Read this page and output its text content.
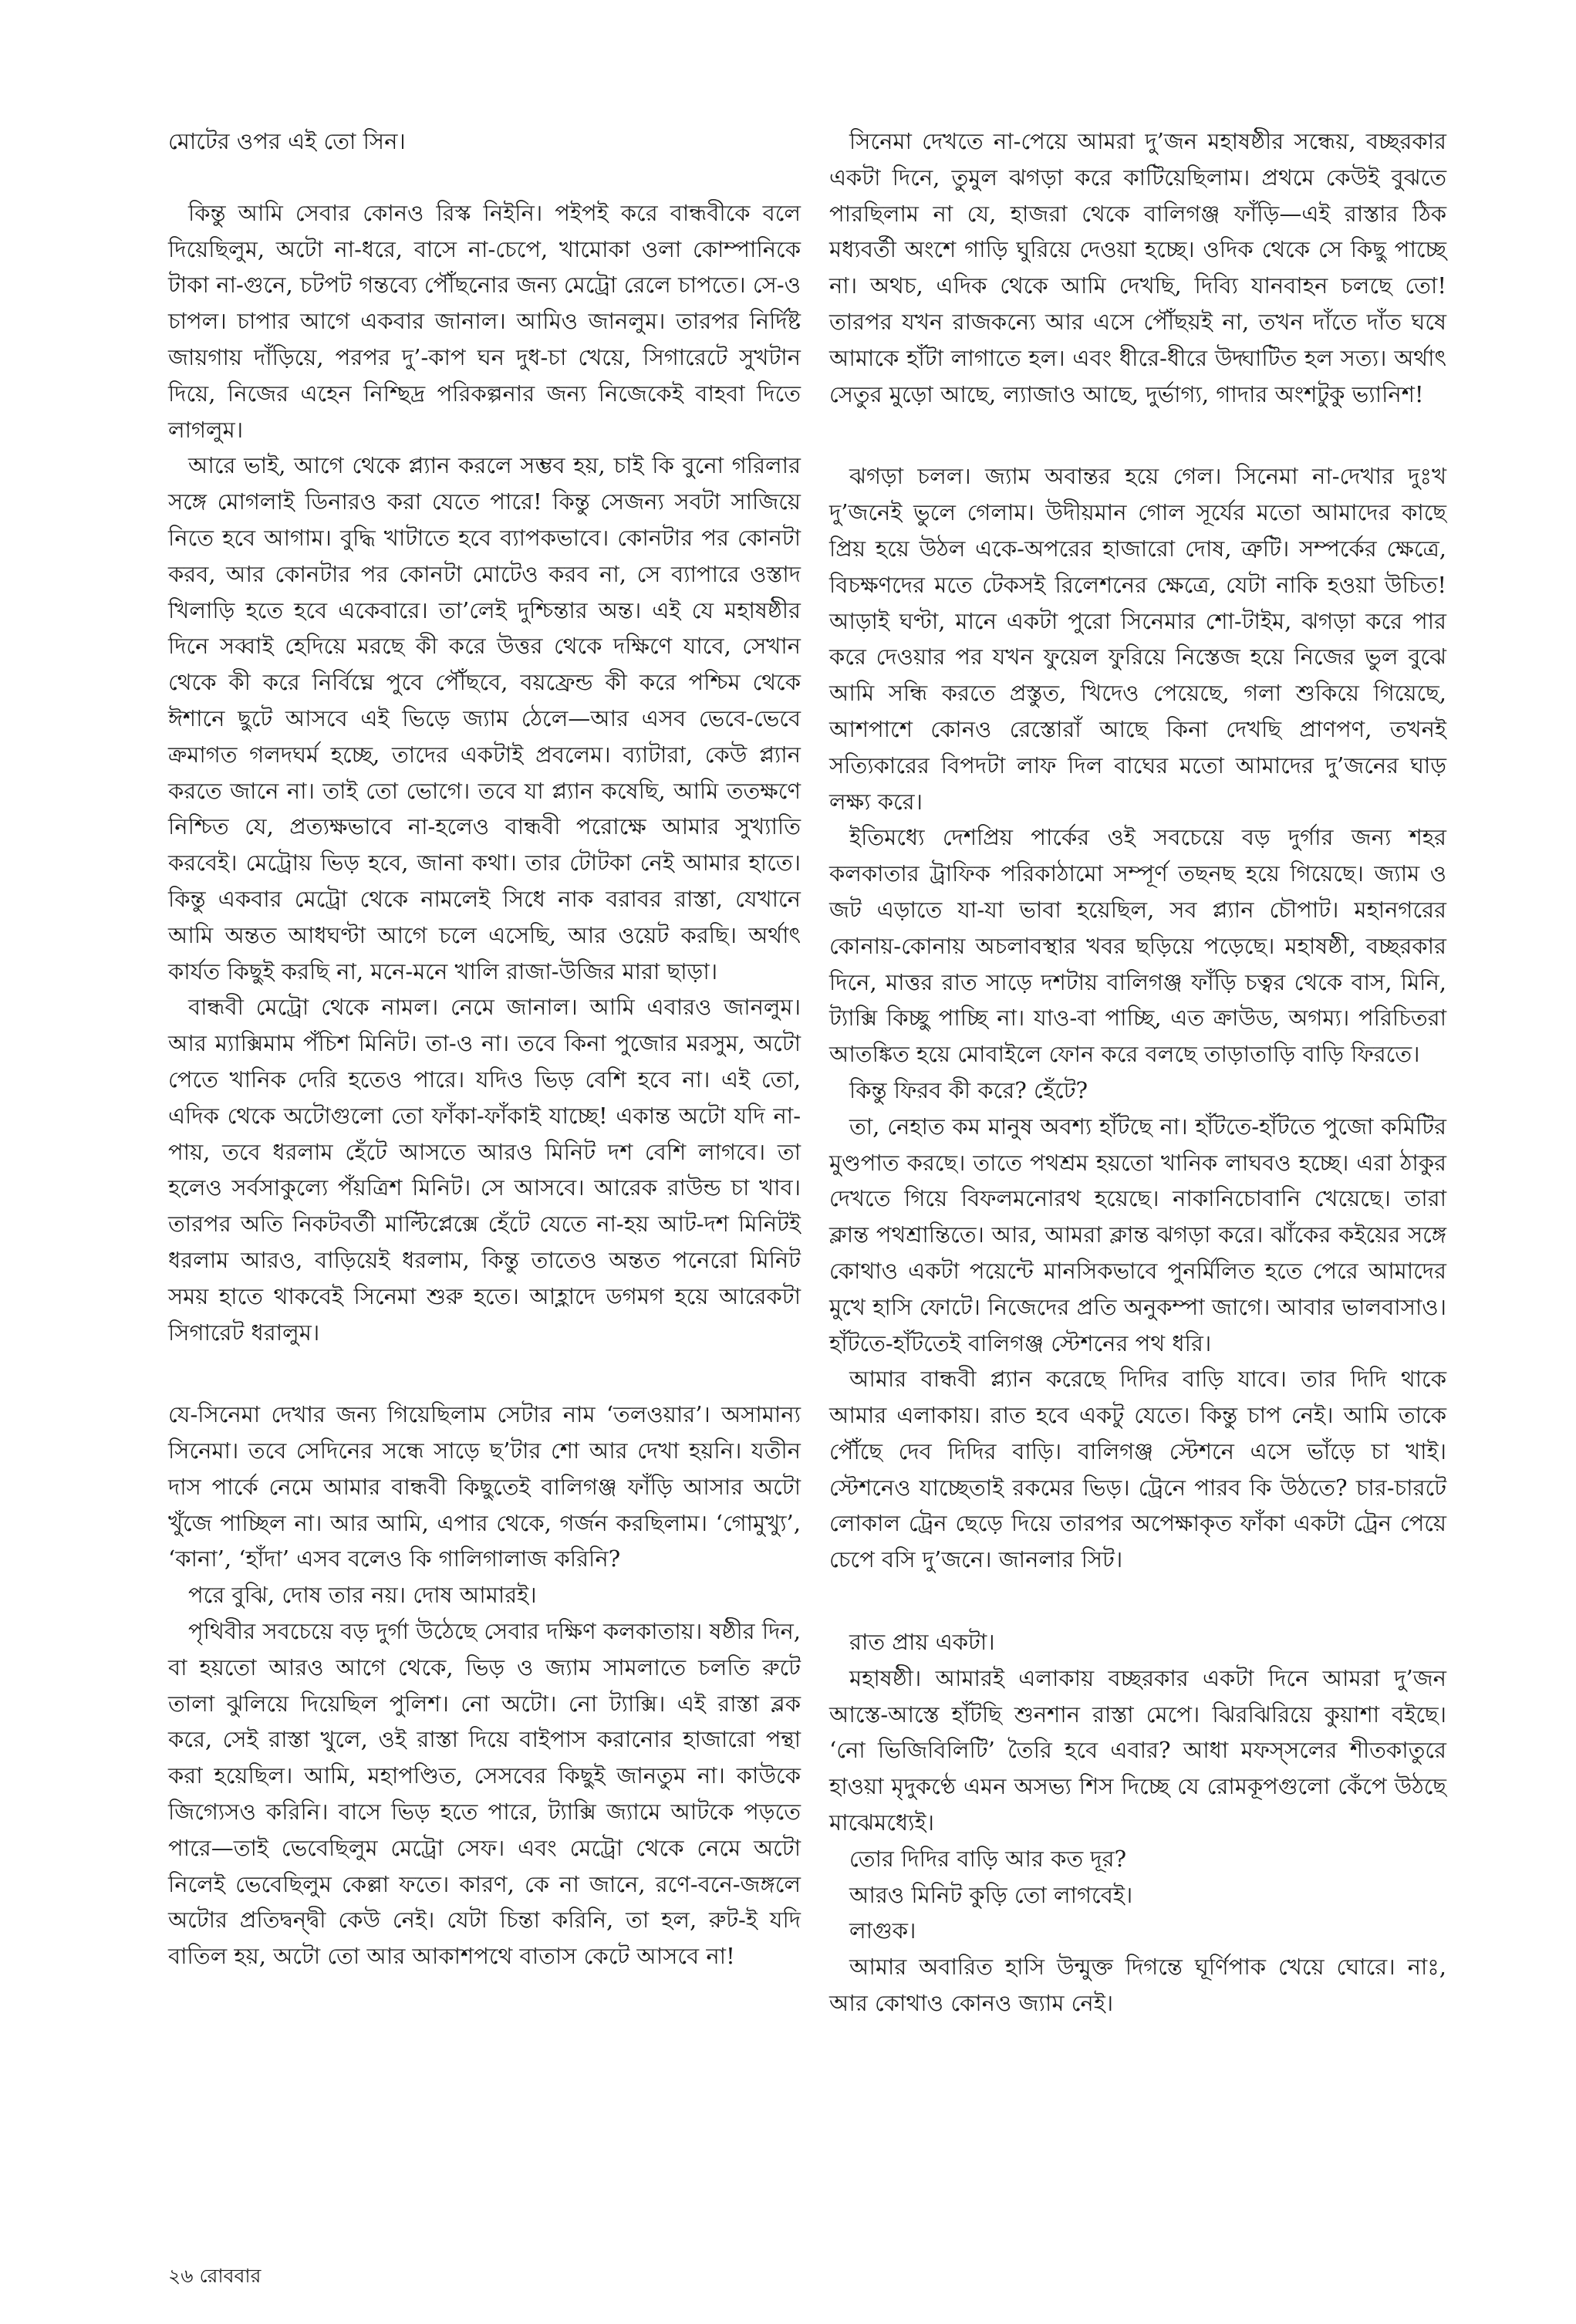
মোটের ওপর এই তো সিন।

কিন্তু আমি সেবার কোনও রিস্ক নিইনি। পইপই করে বান্ধবীকে বলে দিয়েছিলুম, অটো না-ধরে, বাসে না-চেপে, খামোকা ওলা কোম্পানিকে টাকা না-গুনে, চটপট গন্তব্যে পৌঁছনোর জন্য মেট্রো রেলে চাপতে। সে-ও চাপল। চাপার আগে একবার জানাল। আমিও জানলুম। তারপর নির্দিষ্ট জায়গায় দাঁড়িয়ে, পরপর দু’-কাপ ঘন দুধ-চা খেয়ে, সিগারেটে সুখটান দিয়ে, নিজের এহেন নিশ্ছিদ্র পরিকল্পনার জন্য নিজেকেই বাহবা দিতে লাগলুম।

আরে ভাই, আগে থেকে প্ল্যান করলে সম্ভব হয়, চাই কি বুনো গরিলার সঙ্গে মোগলাই ডিনারও করা যেতে পারে! কিন্তু সেজন্য সবটা সাজিয়ে নিতে হবে আগাম। বুদ্ধি খাটাতে হবে ব্যাপকভাবে। কোনটার পর কোনটা করব, আর কোনটার পর কোনটা মোটেও করব না, সে ব্যাপারে ওস্তাদ খিলাড়ি হতে হবে একেবারে। তা’লেই দুশ্চিন্তার অন্ত। এই যে মহাষষ্ঠীর দিনে সব্বাই হেদিয়ে মরছে কী করে উত্তর থেকে দক্ষিণে যাবে, সেখান থেকে কী করে নির্বিঘ্নে পুবে পৌঁছবে, বয়ফ্রেন্ড কী করে পশ্চিম থেকে ঈশানে ছুটে আসবে এই ভিড়ে জ্যাম ঠেলে—আর এসব ভেবে-ভেবে ক্রমাগত গলদঘর্ম হচ্ছে, তাদের একটাই প্রবলেম। ব্যাটারা, কেউ প্ল্যান করতে জানে না। তাই তো ভোগে। তবে যা প্ল্যান কষেছি, আমি ততক্ষণে নিশ্চিত যে, প্রত্যক্ষভাবে না-হলেও বান্ধবী পরোক্ষে আমার সুখ্যাতি করবেই। মেট্রোয় ভিড় হবে, জানা কথা। তার টোটকা নেই আমার হাতে। কিন্তু একবার মেট্রো থেকে নামলেই সিধে নাক বরাবর রাস্তা, যেখানে আমি অন্তত আধঘণ্টা আগে চলে এসেছি, আর ওয়েট করছি। অর্থাৎ কার্যত কিছুই করছি না, মনে-মনে খালি রাজা-উজির মারা ছাড়া।

বান্ধবী মেট্রো থেকে নামল। নেমে জানাল। আমি এবারও জানলুম। আর ম্যাক্সিমাম পঁচিশ মিনিট। তা-ও না। তবে কিনা পুজোর মরসুম, অটো পেতে খানিক দেরি হতেও পারে। যদিও ভিড় বেশি হবে না। এই তো, এদিক থেকে অটোগুলো তো ফাঁকা-ফাঁকাই যাচ্ছে! একান্ত অটো যদি না-পায়, তবে ধরলাম হেঁটে আসতে আরও মিনিট দশ বেশি লাগবে। তা হলেও সর্বসাকুল্যে পঁয়ত্রিশ মিনিট। সে আসবে। আরেক রাউন্ড চা খাব। তারপর অতি নিকটবর্তী মাল্টিপ্লেক্সে হেঁটে যেতে না-হয় আট-দশ মিনিটই ধরলাম আরও, বাড়িয়েই ধরলাম, কিন্তু তাতেও অন্তত পনেরো মিনিট সময় হাতে থাকবেই সিনেমা শুরু হতে। আহ্লাদে ডগমগ হয়ে আরেকটা সিগারেট ধরালুম।

যে-সিনেমা দেখার জন্য গিয়েছিলাম সেটার নাম ‘তলওয়ার’। অসামান্য সিনেমা। তবে সেদিনের সন্ধে সাড়ে ছ’টার শো আর দেখা হয়নি। যতীন দাস পার্কে নেমে আমার বান্ধবী কিছুতেই বালিগঞ্জ ফাঁড়ি আসার অটো খুঁজে পাচ্ছিল না। আর আমি, এপার থেকে, গর্জন করছিলাম। ‘গোমুখ্যু’, ‘কানা’, ‘হাঁদা’ এসব বলেও কি গালিগালাজ করিনি?

পরে বুঝি, দোষ তার নয়। দোষ আমারই।

পৃথিবীর সবচেয়ে বড় দুর্গা উঠেছে সেবার দক্ষিণ কলকাতায়। ষষ্ঠীর দিন, বা হয়তো আরও আগে থেকে, ভিড় ও জ্যাম সামলাতে চলতি রুটে তালা ঝুলিয়ে দিয়েছিল পুলিশ। নো অটো। নো ট্যাক্সি। এই রাস্তা ব্লক করে, সেই রাস্তা খুলে, ওই রাস্তা দিয়ে বাইপাস করানোর হাজারো পন্থা করা হয়েছিল। আমি, মহাপণ্ডিত, সেসবের কিছুই জানতুম না। কাউকে জিগ্যেসও করিনি। বাসে ভিড় হতে পারে, ট্যাক্সি জ্যামে আটকে পড়তে পারে—তাই ভেবেছিলুম মেট্রো সেফ। এবং মেট্রো থেকে নেমে অটো নিলেই ভেবেছিলুম কেল্লা ফতে। কারণ, কে না জানে, রণে-বনে-জঙ্গলে অটোর প্রতিদ্বন্দ্বী কেউ নেই। যেটা চিন্তা করিনি, তা হল, রুট-ই যদি বাতিল হয়, অটো তো আর আকাশপথে বাতাস কেটে আসবে না!

সিনেমা দেখতে না-পেয়ে আমরা দু’জন মহাষষ্ঠীর সন্ধেয়, বচ্ছরকার একটা দিনে, তুমুল ঝগড়া করে কাটিয়েছিলাম। প্রথমে কেউই বুঝতে পারছিলাম না যে, হাজরা থেকে বালিগঞ্জ ফাঁড়ি—এই রাস্তার ঠিক মধ্যবর্তী অংশে গাড়ি ঘুরিয়ে দেওয়া হচ্ছে। ওদিক থেকে সে কিছু পাচ্ছে না। অথচ, এদিক থেকে আমি দেখছি, দিব্যি যানবাহন চলছে তো! তারপর যখন রাজকন্যে আর এসে পৌঁছয়ই না, তখন দাঁতে দাঁত ঘষে আমাকে হাঁটা লাগাতে হল। এবং ধীরে-ধীরে উদ্ঘাটিত হল সত্য। অর্থাৎ সেতুর মুড়ো আছে, ল্যাজাও আছে, দুর্ভাগ্য, গাদার অংশটুকু ভ্যানিশ!

ঝগড়া চলল। জ্যাম অবান্তর হয়ে গেল। সিনেমা না-দেখার দুঃখ দু’জনেই ভুলে গেলাম। উদীয়মান গোল সূর্যের মতো আমাদের কাছে প্রিয় হয়ে উঠল একে-অপরের হাজারো দোষ, ত্রুটি। সম্পর্কের ক্ষেত্রে, বিচক্ষণদের মতে টেকসই রিলেশনের ক্ষেত্রে, যেটা নাকি হওয়া উচিত! আড়াই ঘণ্টা, মানে একটা পুরো সিনেমার শো-টাইম, ঝগড়া করে পার করে দেওয়ার পর যখন ফুয়েল ফুরিয়ে নিস্তেজ হয়ে নিজের ভুল বুঝে আমি সন্ধি করতে প্রস্তুত, খিদেও পেয়েছে, গলা শুকিয়ে গিয়েছে, আশপাশে কোনও রেস্তোরাঁ আছে কিনা দেখছি প্রাণপণ, তখনই সত্যিকারের বিপদটা লাফ দিল বাঘের মতো আমাদের দু’জনের ঘাড় লক্ষ্য করে।

ইতিমধ্যে দেশপ্রিয় পার্কের ওই সবচেয়ে বড় দুর্গার জন্য শহর কলকাতার ট্রাফিক পরিকাঠামো সম্পূর্ণ তছনছ হয়ে গিয়েছে। জ্যাম ও জট এড়াতে যা-যা ভাবা হয়েছিল, সব প্ল্যান চৌপাট। মহানগরের কোনায়-কোনায় অচলাবস্থার খবর ছড়িয়ে পড়েছে। মহাষষ্ঠী, বচ্ছরকার দিনে, মাত্তর রাত সাড়ে দশটায় বালিগঞ্জ ফাঁড়ি চত্বর থেকে বাস, মিনি, ট্যাক্সি কিচ্ছু পাচ্ছি না। যাও-বা পাচ্ছি, এত ক্রাউড, অগম্য। পরিচিতরা আতঙ্কিত হয়ে মোবাইলে ফোন করে বলছে তাড়াতাড়ি বাড়ি ফিরতে।

কিন্তু ফিরব কী করে? হেঁটে?

তা, নেহাত কম মানুষ অবশ্য হাঁটছে না। হাঁটতে-হাঁটতে পুজো কমিটির মুণ্ডপাত করছে। তাতে পথশ্রম হয়তো খানিক লাঘবও হচ্ছে। এরা ঠাকুর দেখতে গিয়ে বিফলমনোরথ হয়েছে। নাকানিচোবানি খেয়েছে। তারা ক্লান্ত পথশ্রান্তিতে। আর, আমরা ক্লান্ত ঝগড়া করে। ঝাঁকের কইয়ের সঙ্গে কোথাও একটা পয়েন্টে মানসিকভাবে পুনর্মিলিত হতে পেরে আমাদের মুখে হাসি ফোটে। নিজেদের প্রতি অনুকম্পা জাগে। আবার ভালবাসাও। হাঁটতে-হাঁটতেই বালিগঞ্জ স্টেশনের পথ ধরি।

আমার বান্ধবী প্ল্যান করেছে দিদির বাড়ি যাবে। তার দিদি থাকে আমার এলাকায়। রাত হবে একটু যেতে। কিন্তু চাপ নেই। আমি তাকে পৌঁছে দেব দিদির বাড়ি। বালিগঞ্জ স্টেশনে এসে ভাঁড়ে চা খাই। স্টেশনেও যাচ্ছেতাই রকমের ভিড়। ট্রেনে পারব কি উঠতে? চার-চারটে লোকাল ট্রেন ছেড়ে দিয়ে তারপর অপেক্ষাকৃত ফাঁকা একটা ট্রেন পেয়ে চেপে বসি দু’জনে। জানলার সিট।

রাত প্রায় একটা।

মহাষষ্ঠী। আমারই এলাকায় বচ্ছরকার একটা দিনে আমরা দু’জন আস্তে-আস্তে হাঁটছি শুনশান রাস্তা মেপে। ঝিরঝিরিয়ে কুয়াশা বইছে। ‘নো ভিজিবিলিটি’ তৈরি হবে এবার? আধা মফস্সলের শীতকাতুরে হাওয়া মৃদুকণ্ঠে এমন অসভ্য শিস দিচ্ছে যে রোমকূপগুলো কেঁপে উঠছে মাঝেমধ্যেই।

তোর দিদির বাড়ি আর কত দূর?

আরও মিনিট কুড়ি তো লাগবেই।

লাগুক।

আমার অবারিত হাসি উন্মুক্ত দিগন্তে ঘূর্ণিপাক খেয়ে ঘোরে। নাঃ, আর কোথাও কোনও জ্যাম নেই।

২৬ রোববার
